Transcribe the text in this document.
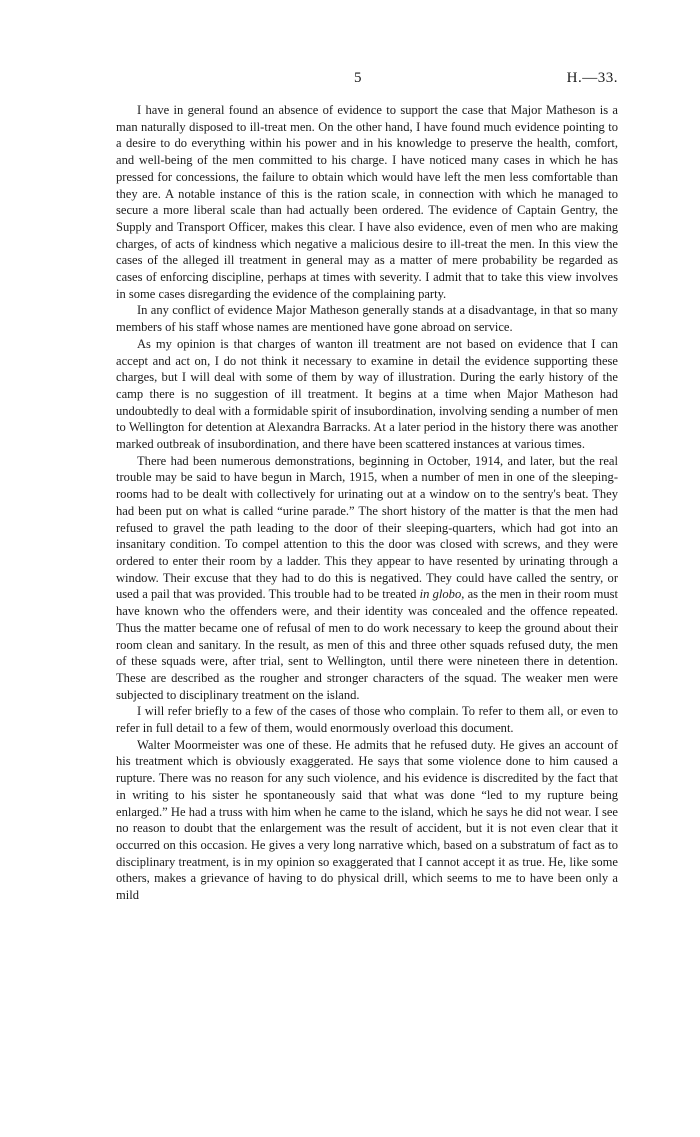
5	H.—33.

I have in general found an absence of evidence to support the case that Major Matheson is a man naturally disposed to ill-treat men. On the other hand, I have found much evidence pointing to a desire to do everything within his power and in his knowledge to preserve the health, comfort, and well-being of the men committed to his charge. I have noticed many cases in which he has pressed for concessions, the failure to obtain which would have left the men less comfortable than they are. A notable instance of this is the ration scale, in connection with which he managed to secure a more liberal scale than had actually been ordered. The evidence of Captain Gentry, the Supply and Transport Officer, makes this clear. I have also evidence, even of men who are making charges, of acts of kindness which negative a malicious desire to ill-treat the men. In this view the cases of the alleged ill treatment in general may as a matter of mere probability be regarded as cases of enforcing discipline, perhaps at times with severity. I admit that to take this view involves in some cases disregarding the evidence of the complaining party.

In any conflict of evidence Major Matheson generally stands at a disadvantage, in that so many members of his staff whose names are mentioned have gone abroad on service.

As my opinion is that charges of wanton ill treatment are not based on evidence that I can accept and act on, I do not think it necessary to examine in detail the evidence supporting these charges, but I will deal with some of them by way of illustration. During the early history of the camp there is no suggestion of ill treatment. It begins at a time when Major Matheson had undoubtedly to deal with a formidable spirit of insubordination, involving sending a number of men to Wellington for detention at Alexandra Barracks. At a later period in the history there was another marked outbreak of insubordination, and there have been scattered instances at various times.

There had been numerous demonstrations, beginning in October, 1914, and later, but the real trouble may be said to have begun in March, 1915, when a number of men in one of the sleeping-rooms had to be dealt with collectively for urinating out at a window on to the sentry's beat. They had been put on what is called “urine parade.” The short history of the matter is that the men had refused to gravel the path leading to the door of their sleeping-quarters, which had got into an insanitary condition. To compel attention to this the door was closed with screws, and they were ordered to enter their room by a ladder. This they appear to have resented by urinating through a window. Their excuse that they had to do this is negatived. They could have called the sentry, or used a pail that was provided. This trouble had to be treated in globo, as the men in their room must have known who the offenders were, and their identity was concealed and the offence repeated. Thus the matter became one of refusal of men to do work necessary to keep the ground about their room clean and sanitary. In the result, as men of this and three other squads refused duty, the men of these squads were, after trial, sent to Wellington, until there were nineteen there in detention. These are described as the rougher and stronger characters of the squad. The weaker men were subjected to disciplinary treatment on the island.

I will refer briefly to a few of the cases of those who complain. To refer to them all, or even to refer in full detail to a few of them, would enormously overload this document.

Walter Moormeister was one of these. He admits that he refused duty. He gives an account of his treatment which is obviously exaggerated. He says that some violence done to him caused a rupture. There was no reason for any such violence, and his evidence is discredited by the fact that in writing to his sister he spontaneously said that what was done “led to my rupture being enlarged.” He had a truss with him when he came to the island, which he says he did not wear. I see no reason to doubt that the enlargement was the result of accident, but it is not even clear that it occurred on this occasion. He gives a very long narrative which, based on a substratum of fact as to disciplinary treatment, is in my opinion so exaggerated that I cannot accept it as true. He, like some others, makes a grievance of having to do physical drill, which seems to me to have been only a mild
